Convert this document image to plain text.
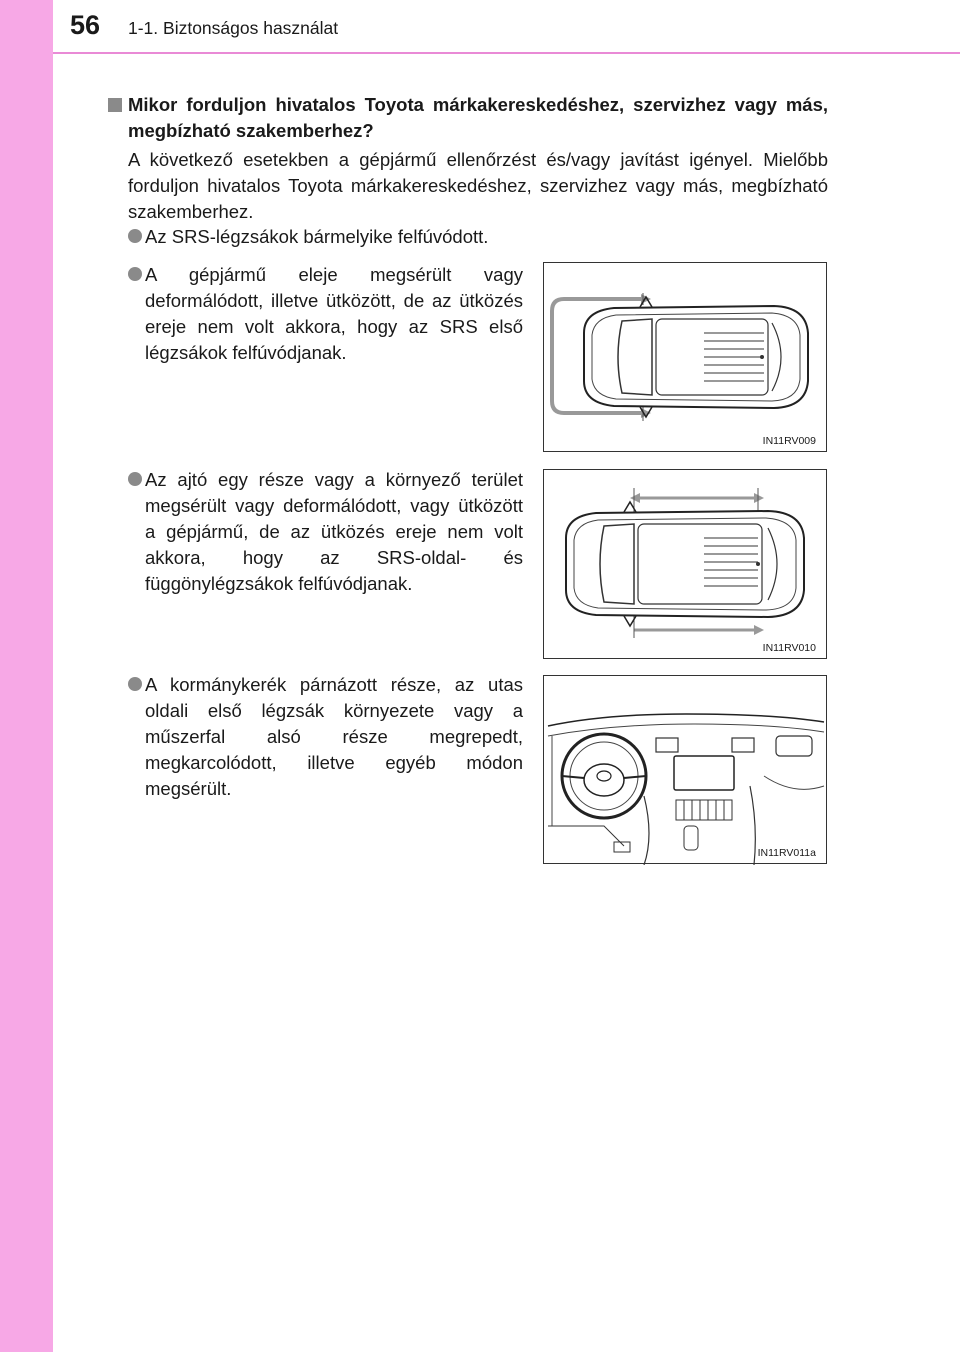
56 1-1. Biztonságos használat
Mikor forduljon hivatalos Toyota márkakereskedéshez, szervizhez vagy más, megbízható szakemberhez?
A következő esetekben a gépjármű ellenőrzést és/vagy javítást igényel. Mielőbb forduljon hivatalos Toyota márkakereskedéshez, szervizhez vagy más, megbízható szakemberhez.
Az SRS-légzsákok bármelyike felfúvódott.
A gépjármű eleje megsérült vagy deformálódott, illetve ütközött, de az ütközés ereje nem volt akkora, hogy az SRS első légzsákok felfúvódjanak.
Az ajtó egy része vagy a környező terület megsérült vagy deformálódott, vagy ütközött a gépjármű, de az ütközés ereje nem volt akkora, hogy az SRS-oldal- és függönylégzsákok felfúvódjanak.
A kormánykerék párnázott része, az utas oldali első légzsák környezete vagy a műszerfal alsó része megrepedt, megkarcolódott, illetve egyéb módon megsérült.
IN11RV009
IN11RV010
IN11RV011a
